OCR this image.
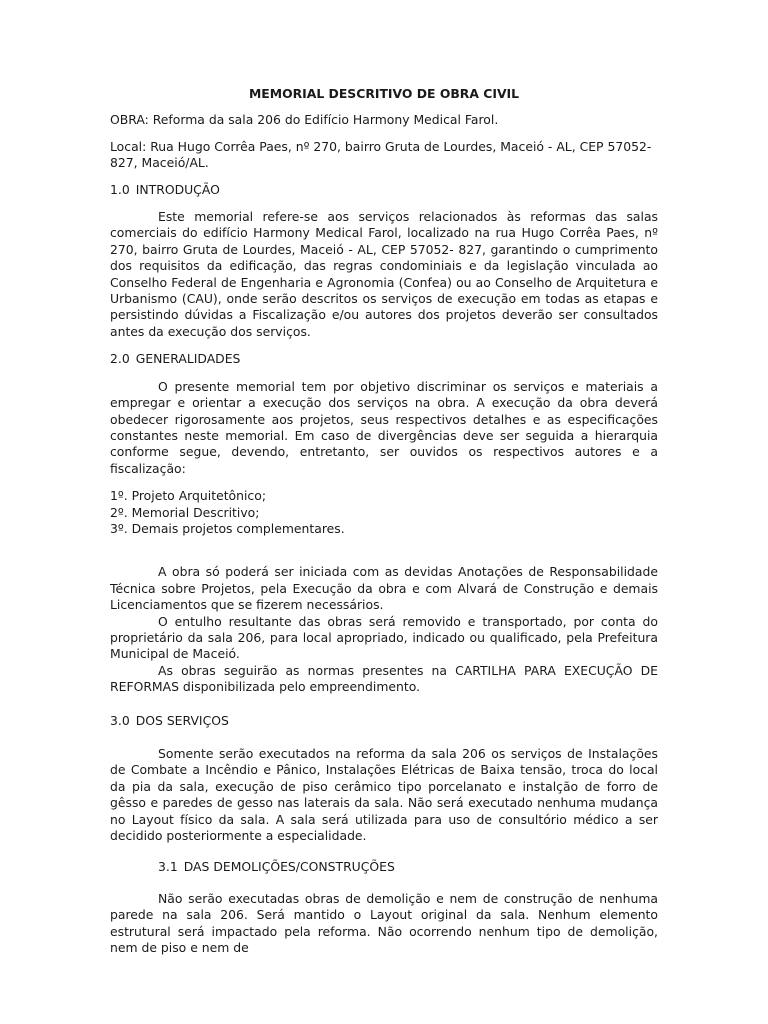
MEMORIAL DESCRITIVO DE OBRA CIVIL
OBRA: Reforma da sala 206 do Edifício Harmony Medical Farol.
Local: Rua Hugo Corrêa Paes, nº 270, bairro Gruta de Lourdes, Maceió - AL, CEP 57052- 827, Maceió/AL.
1.0 INTRODUÇÃO

Este memorial refere-se aos serviços relacionados às reformas das salas comerciais do edifício Harmony Medical Farol, localizado na rua Hugo Corrêa Paes, nº 270, bairro Gruta de Lourdes, Maceió - AL, CEP 57052- 827, garantindo o cumprimento dos requisitos da edificação, das regras condominiais e da legislação vinculada ao Conselho Federal de Engenharia e Agronomia (Confea) ou ao Conselho de Arquitetura e Urbanismo (CAU), onde serão descritos os serviços de execução em todas as etapas e persistindo dúvidas a Fiscalização e/ou autores dos projetos deverão ser consultados antes da execução dos serviços.

2.0 GENERALIDADES

O presente memorial tem por objetivo discriminar os serviços e materiais a empregar e orientar a execução dos serviços na obra. A execução da obra deverá obedecer rigorosamente aos projetos, seus respectivos detalhes e as especificações constantes neste memorial. Em caso de divergências deve ser seguida a hierarquia conforme segue, devendo, entretanto, ser ouvidos os respectivos autores e a fiscalização:

1º. Projeto Arquitetônico;
2º. Memorial Descritivo;
3º. Demais projetos complementares.

A obra só poderá ser iniciada com as devidas Anotações de Responsabilidade Técnica sobre Projetos, pela Execução da obra e com Alvará de Construção e demais Licenciamentos que se fizerem necessários.

O entulho resultante das obras será removido e transportado, por conta do proprietário da sala 206, para local apropriado, indicado ou qualificado, pela Prefeitura Municipal de Maceió.

As obras seguirão as normas presentes na CARTILHA PARA EXECUÇÃO DE REFORMAS disponibilizada pelo empreendimento.

3.0 DOS SERVIÇOS

Somente serão executados na reforma da sala 206 os serviços de Instalações de Combate a Incêndio e Pânico, Instalações Elétricas de Baixa tensão, troca do local da pia da sala, execução de piso cerâmico tipo porcelanato e instalção de forro de gêsso e paredes de gesso nas laterais da sala. Não será executado nenhuma mudança no Layout físico da sala. A sala será utilizada para uso de consultório médico a ser decidido posteriormente a especialidade.

3.1 DAS DEMOLIÇÕES/CONSTRUÇÕES

Não serão executadas obras de demolição e nem de construção de nenhuma parede na sala 206. Será mantido o Layout original da sala. Nenhum elemento estrutural será impactado pela reforma. Não ocorrendo nenhum tipo de demolição, nem de piso e nem de
